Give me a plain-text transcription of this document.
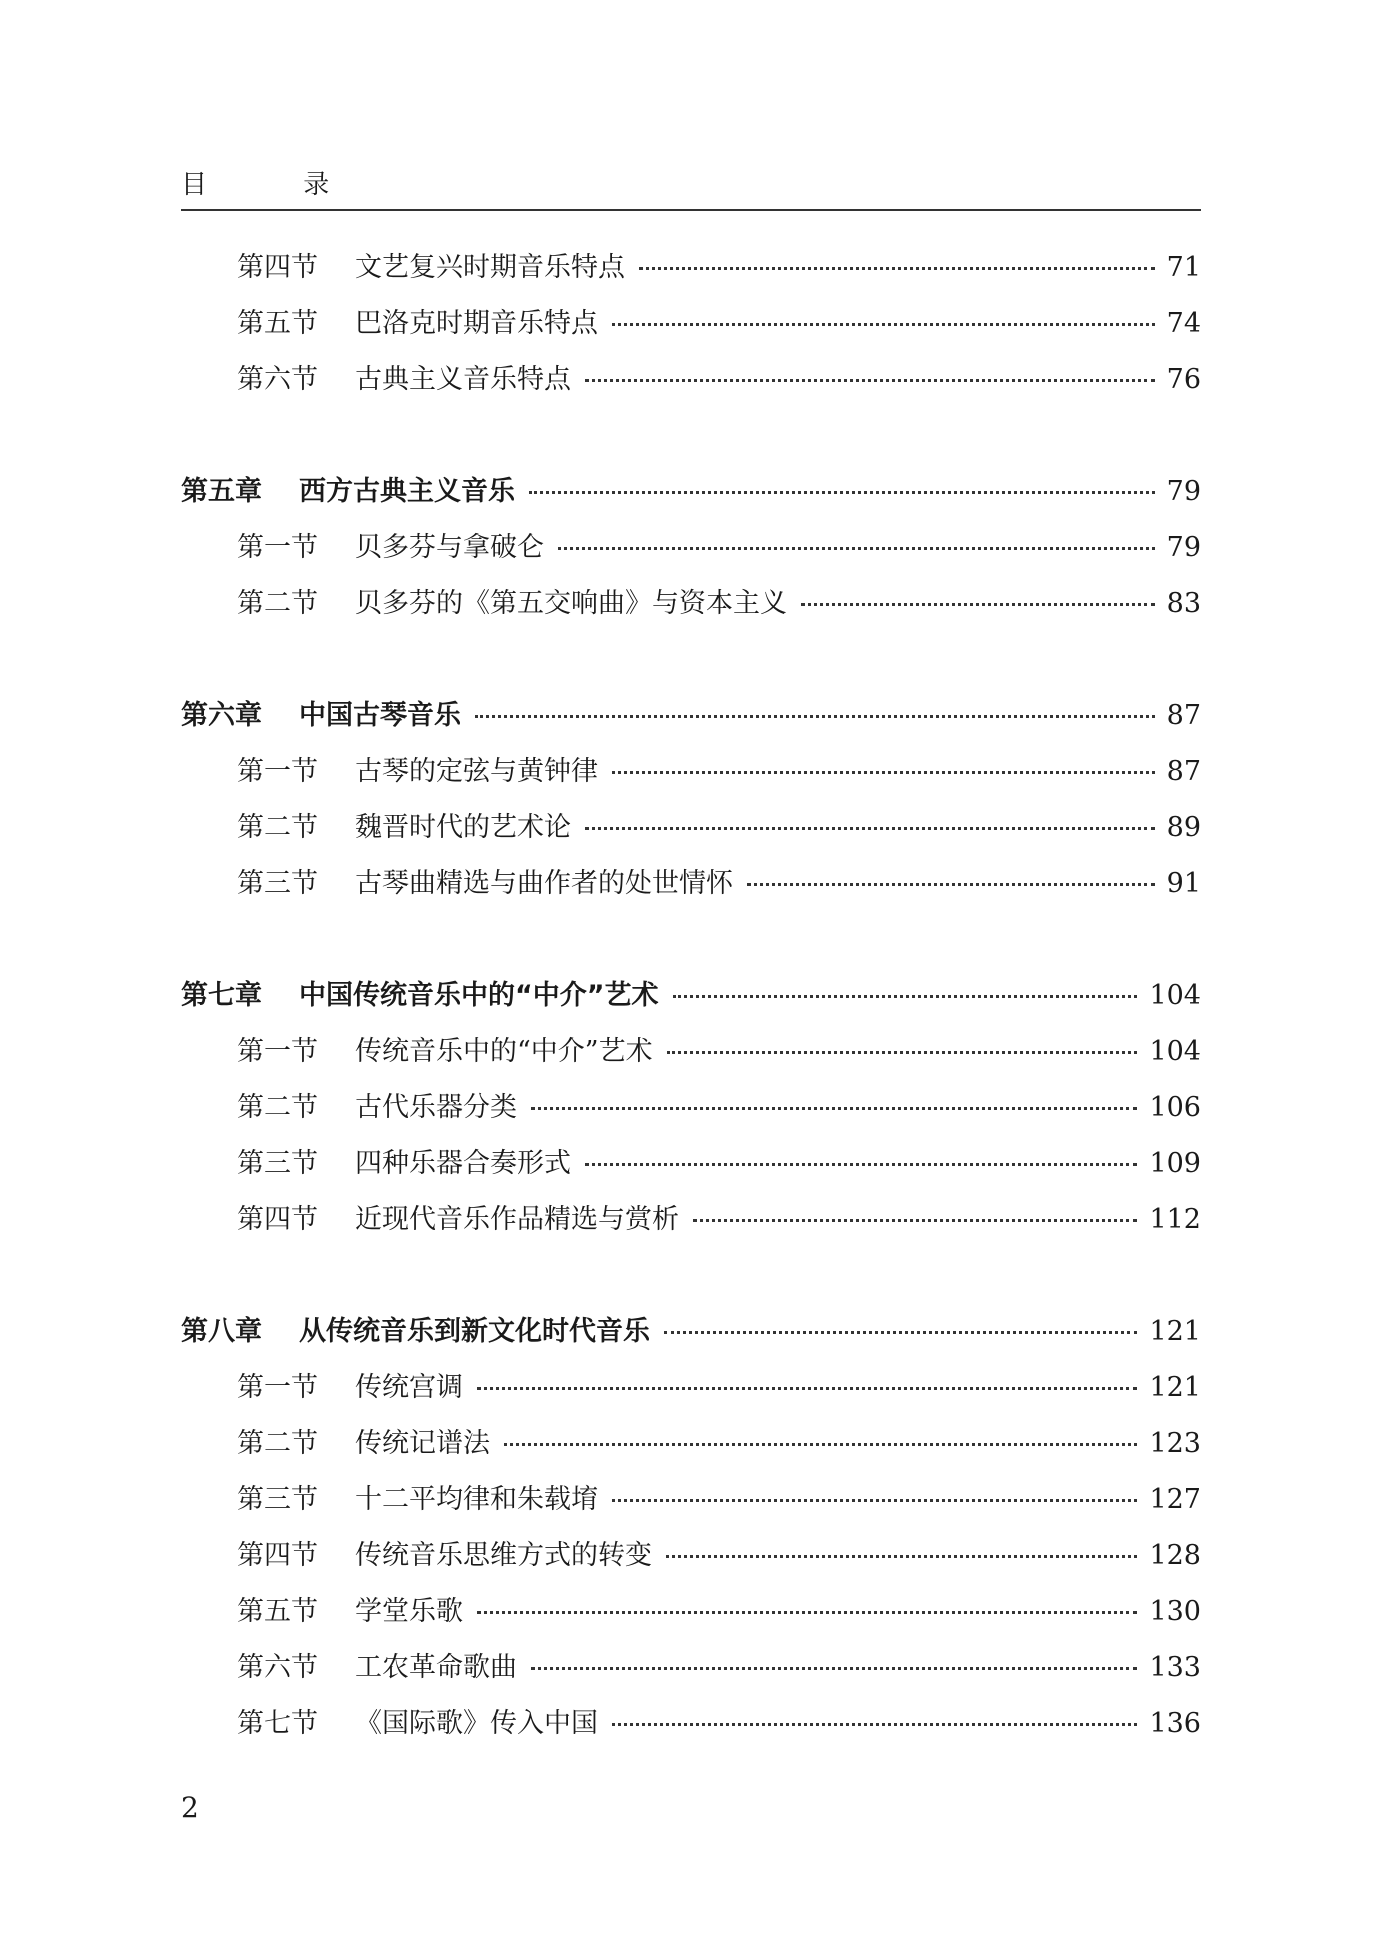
目 录
第四节	文艺复兴时期音乐特点	71
第五节	巴洛克时期音乐特点	74
第六节	古典主义音乐特点	76
第五章	西方古典主义音乐	79
第一节	贝多芬与拿破仑	79
第二节	贝多芬的《第五交响曲》与资本主义	83
第六章	中国古琴音乐	87
第一节	古琴的定弦与黄钟律	87
第二节	魏晋时代的艺术论	89
第三节	古琴曲精选与曲作者的处世情怀	91
第七章	中国传统音乐中的“中介”艺术	104
第一节	传统音乐中的“中介”艺术	104
第二节	古代乐器分类	106
第三节	四种乐器合奏形式	109
第四节	近现代音乐作品精选与赏析	112
第八章	从传统音乐到新文化时代音乐	121
第一节	传统宫调	121
第二节	传统记谱法	123
第三节	十二平均律和朱载堉	127
第四节	传统音乐思维方式的转变	128
第五节	学堂乐歌	130
第六节	工农革命歌曲	133
第七节	《国际歌》传入中国	136
2
